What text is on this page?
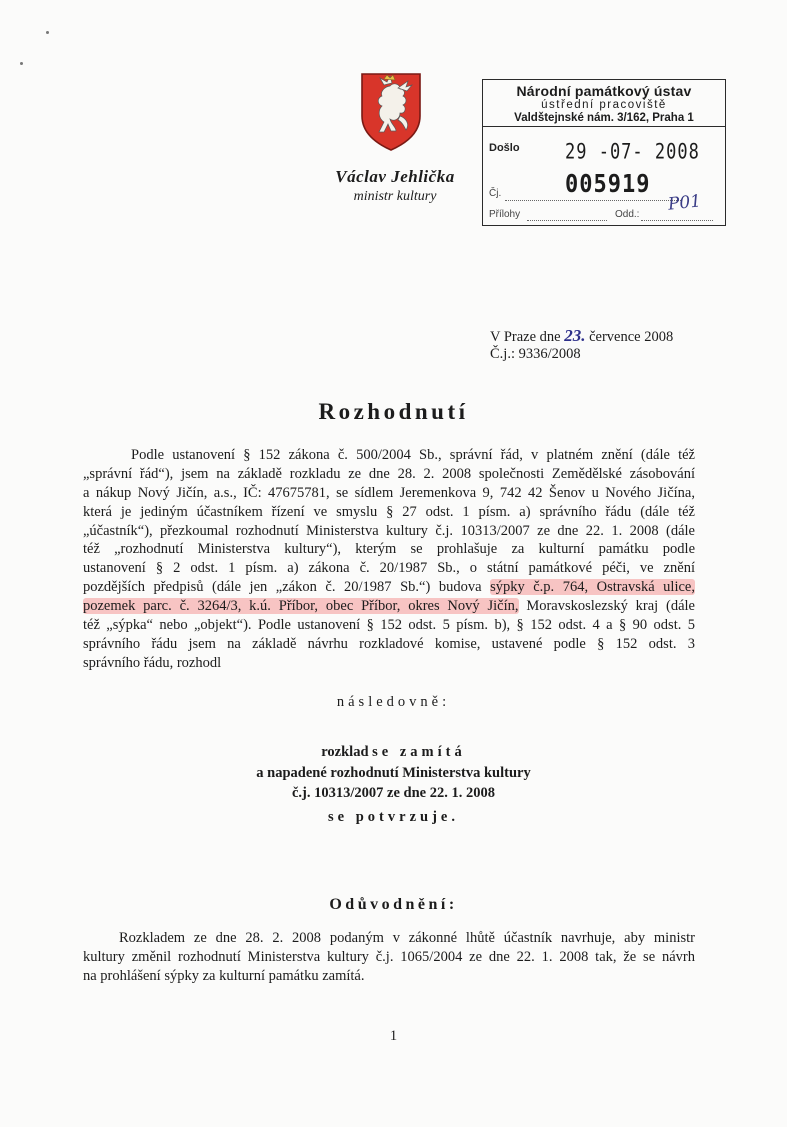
Václav Jehlička
ministr kultury
Národní památkový ústav
ústřední pracoviště
Valdštejnské nám. 3/162, Praha 1
Došlo	29 -07- 2008
Čj.	005919
P01
Přílohy	Odd.:
V Praze dne 23. července 2008
Č.j.: 9336/2008
Rozhodnutí
Podle ustanovení § 152 zákona č. 500/2004 Sb., správní řád, v platném znění (dále též
„správní řád“), jsem na základě rozkladu ze dne 28. 2. 2008 společnosti Zemědělské zásobování
a nákup Nový Jičín, a.s., IČ: 47675781, se sídlem Jeremenkova 9, 742 42 Šenov u Nového Jičína,
která je jediným účastníkem řízení ve smyslu § 27 odst. 1 písm. a) správního řádu (dále též
„účastník“), přezkoumal rozhodnutí Ministerstva kultury č.j. 10313/2007 ze dne 22. 1. 2008 (dále
též „rozhodnutí Ministerstva kultury“), kterým se prohlašuje za kulturní památku podle
ustanovení § 2 odst. 1 písm. a) zákona č. 20/1987 Sb., o státní památkové péči, ve znění
pozdějších předpisů (dále jen „zákon č. 20/1987 Sb.“) budova sýpky č.p. 764, Ostravská ulice,
pozemek parc. č. 3264/3, k.ú. Příbor, obec Příbor, okres Nový Jičín, Moravskoslezský kraj (dále
též „sýpka“ nebo „objekt“). Podle ustanovení § 152 odst. 5 písm. b), § 152 odst. 4 a § 90 odst. 5
správního řádu jsem na základě návrhu rozkladové komise, ustavené podle § 152 odst. 3
správního řádu, rozhodl
následovně:
rozklad se zamítá
a napadené rozhodnutí Ministerstva kultury
č.j. 10313/2007 ze dne 22. 1. 2008
se potvrzuje.
Odůvodnění:
Rozkladem ze dne 28. 2. 2008 podaným v zákonné lhůtě účastník navrhuje, aby ministr
kultury změnil rozhodnutí Ministerstva kultury č.j. 1065/2004 ze dne 22. 1. 2008 tak, že se návrh
na prohlášení sýpky za kulturní památku zamítá.
1
